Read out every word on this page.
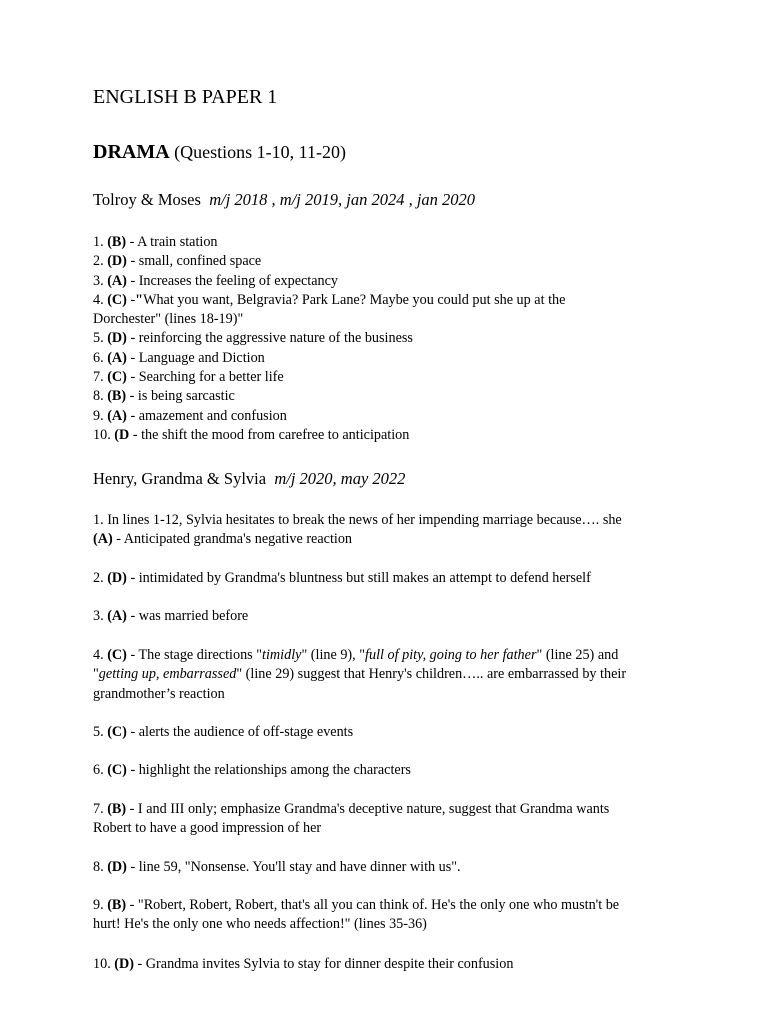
ENGLISH B PAPER 1
DRAMA (Questions 1-10, 11-20)
Tolroy & Moses m/j 2018 , m/j 2019, jan 2024 , jan 2020
1. (B) - A train station
2. (D) - small, confined space
3. (A) - Increases the feeling of expectancy
4. (C) -"What you want, Belgravia? Park Lane? Maybe you could put she up at the
Dorchester" (lines 18-19)"
5. (D) - reinforcing the aggressive nature of the business
6. (A) - Language and Diction
7. (C) - Searching for a better life
8. (B) - is being sarcastic
9. (A) - amazement and confusion
10. (D - the shift the mood from carefree to anticipation
Henry, Grandma & Sylvia m/j 2020, may 2022
1. In lines 1-12, Sylvia hesitates to break the news of her impending marriage because…. she
(A) - Anticipated grandma's negative reaction
2. (D) - intimidated by Grandma's bluntness but still makes an attempt to defend herself
3. (A) - was married before
4. (C) - The stage directions "timidly" (line 9), "full of pity, going to her father" (line 25) and
"getting up, embarrassed" (line 29) suggest that Henry's children….. are embarrassed by their
grandmother’s reaction
5. (C) - alerts the audience of off-stage events
6. (C) - highlight the relationships among the characters
7. (B) - I and III only; emphasize Grandma's deceptive nature, suggest that Grandma wants
Robert to have a good impression of her
8. (D) - line 59, "Nonsense. You'll stay and have dinner with us".
9. (B) - "Robert, Robert, Robert, that's all you can think of. He's the only one who mustn't be
hurt! He's the only one who needs affection!" (lines 35-36)
10. (D) - Grandma invites Sylvia to stay for dinner despite their confusion
